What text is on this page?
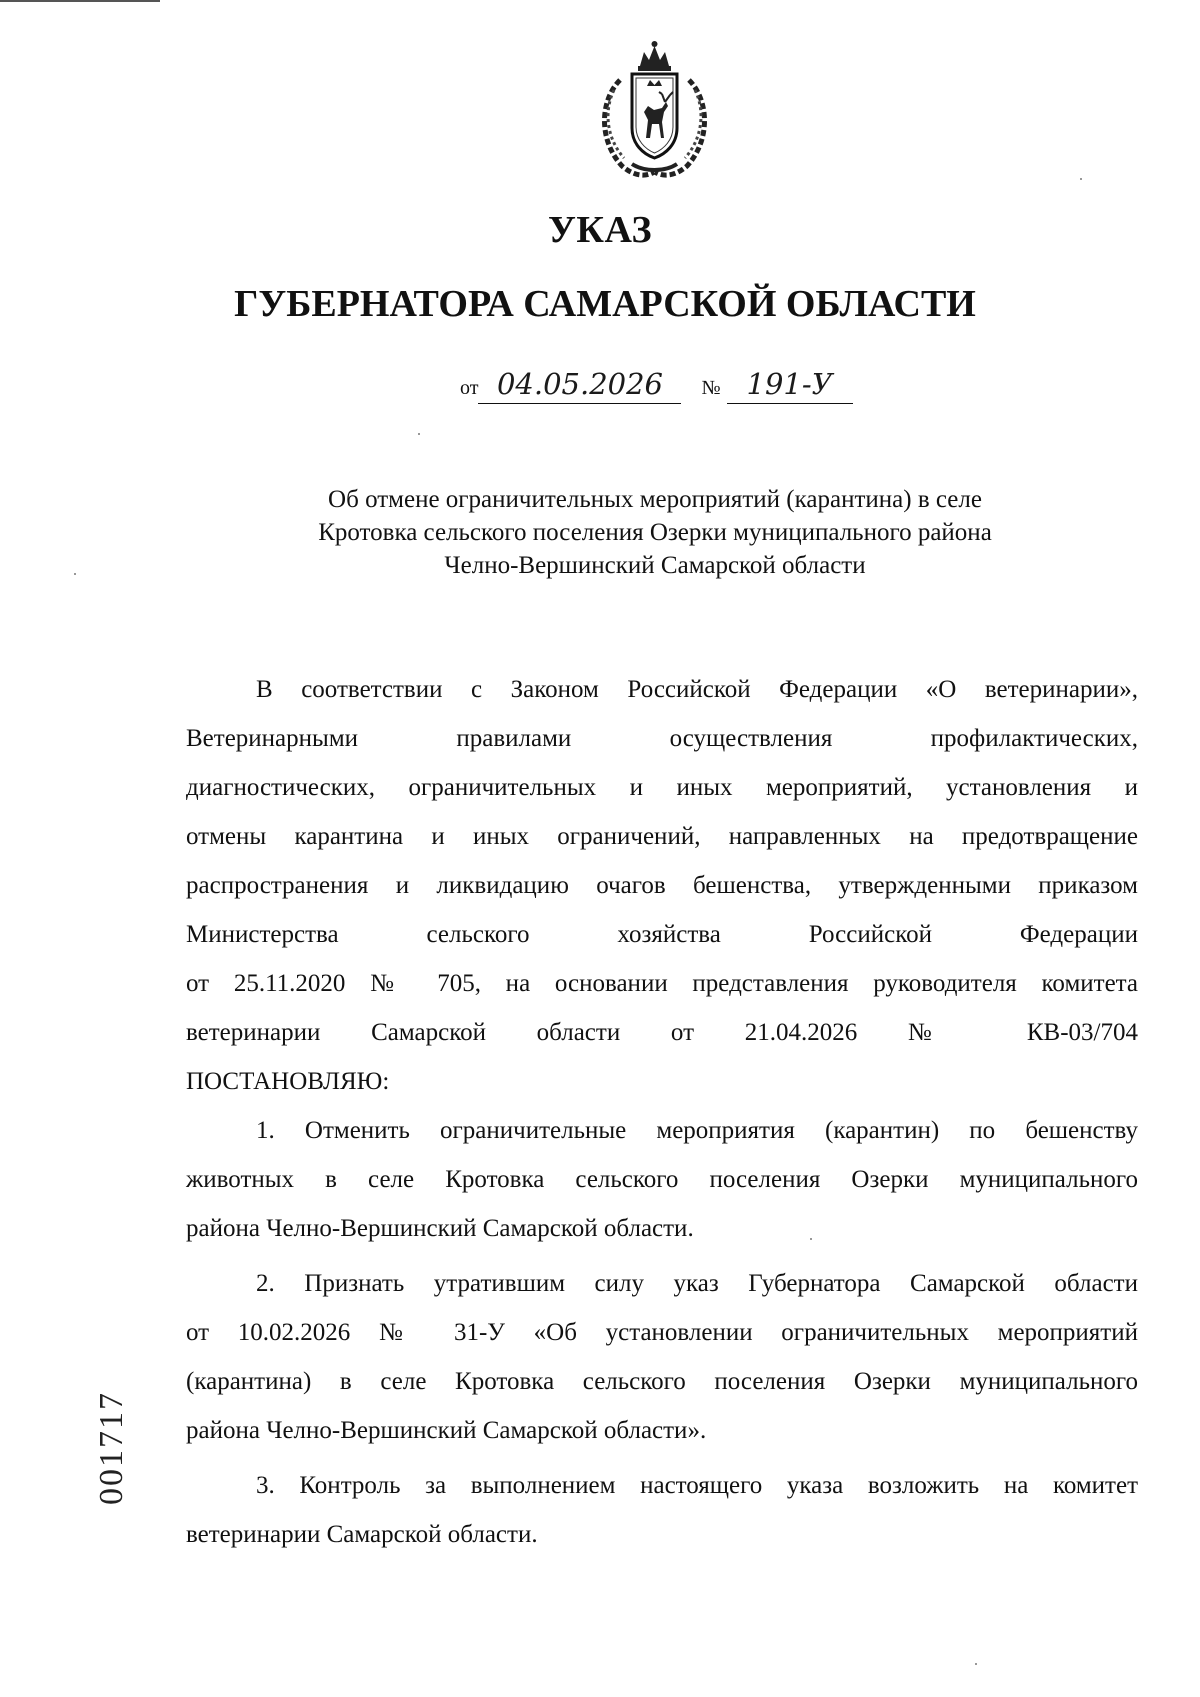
УКАЗ
ГУБЕРНАТОРА САМАРСКОЙ ОБЛАСТИ
от 04.05.2026	№ 191-У

Об отмене ограничительных мероприятий (карантина) в селе
Кротовка сельского поселения Озерки муниципального района
Челно-Вершинский Самарской области

В соответствии с Законом Российской Федерации «О ветеринарии»,
Ветеринарными правилами осуществления профилактических,
диагностических, ограничительных и иных мероприятий, установления и
отмены карантина и иных ограничений, направленных на предотвращение
распространения и ликвидацию очагов бешенства, утвержденными приказом
Министерства сельского хозяйства Российской Федерации
от 25.11.2020 № 705, на основании представления руководителя комитета
ветеринарии Самарской области от 21.04.2026 № КВ-03/704
ПОСТАНОВЛЯЮ:
1. Отменить ограничительные мероприятия (карантин) по бешенству
животных в селе Кротовка сельского поселения Озерки муниципального
района Челно-Вершинский Самарской области.
2. Признать утратившим силу указ Губернатора Самарской области
от 10.02.2026 № 31-У «Об установлении ограничительных мероприятий
(карантина) в селе Кротовка сельского поселения Озерки муниципального
района Челно-Вершинский Самарской области».
3. Контроль за выполнением настоящего указа возложить на комитет
ветеринарии Самарской области.
001717
